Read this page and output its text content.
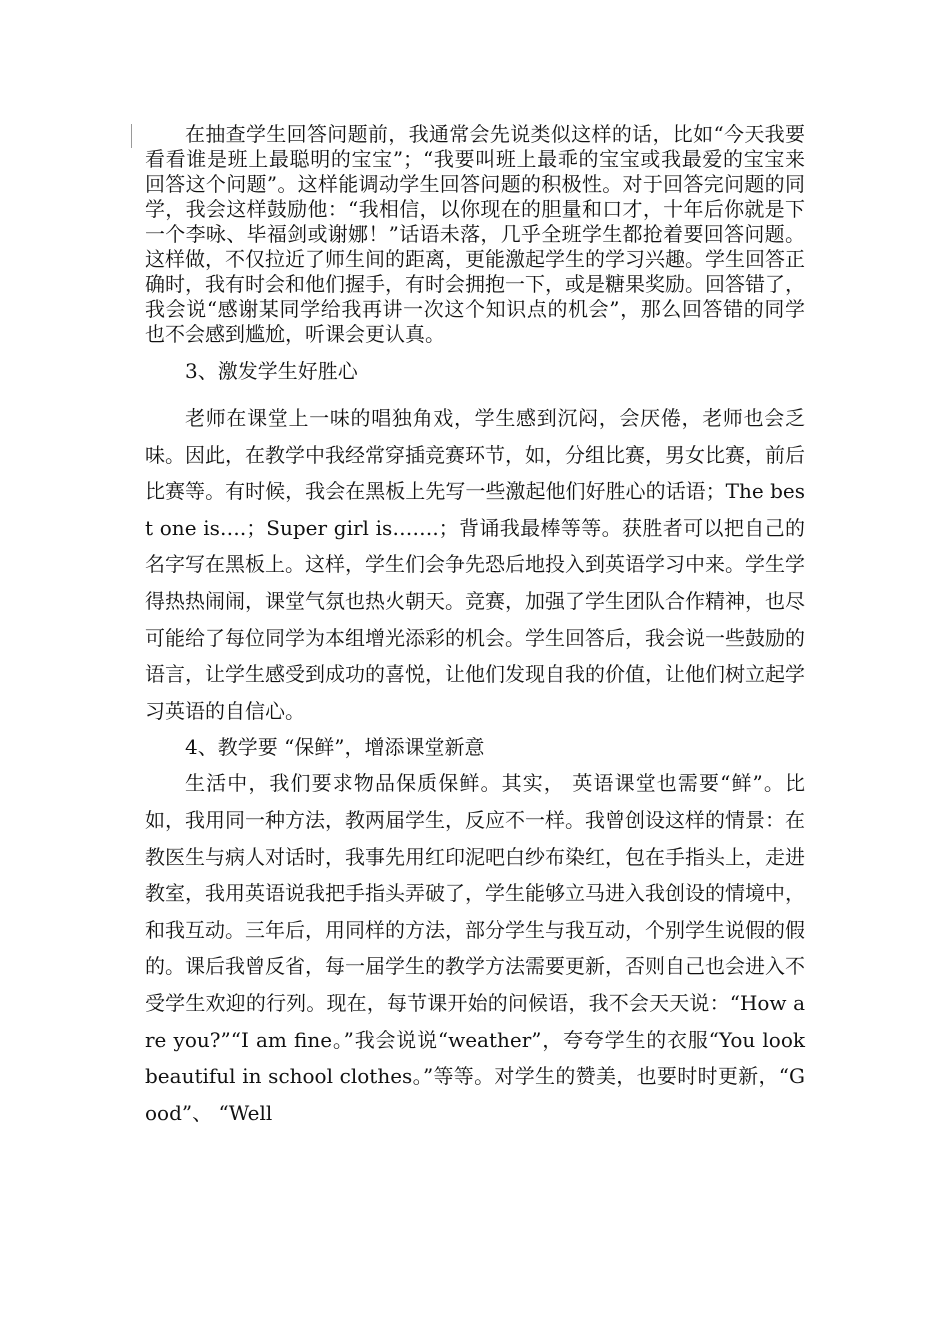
在抽查学生回答问题前，我通常会先说类似这样的话，比如“今天我要看看谁是班上最聪明的宝宝”；“我要叫班上最乖的宝宝或我最爱的宝宝来回答这个问题”。这样能调动学生回答问题的积极性。对于回答完问题的同学，我会这样鼓励他：“我相信，以你现在的胆量和口才，十年后你就是下一个李咏、毕福剑或谢娜！”话语未落，几乎全班学生都抢着要回答问题。这样做，不仅拉近了师生间的距离，更能激起学生的学习兴趣。学生回答正确时，我有时会和他们握手，有时会拥抱一下，或是糖果奖励。回答错了，我会说“感谢某同学给我再讲一次这个知识点的机会”，那么回答错的同学也不会感到尴尬，听课会更认真。

3、激发学生好胜心

老师在课堂上一味的唱独角戏，学生感到沉闷，会厌倦，老师也会乏味。因此，在教学中我经常穿插竞赛环节，如，分组比赛，男女比赛，前后比赛等。有时候，我会在黑板上先写一些激起他们好胜心的话语；The best one is….；Super girl is…….；背诵我最棒等等。获胜者可以把自己的名字写在黑板上。这样，学生们会争先恐后地投入到英语学习中来。学生学得热热闹闹，课堂气氛也热火朝天。竞赛，加强了学生团队合作精神，也尽可能给了每位同学为本组增光添彩的机会。学生回答后，我会说一些鼓励的语言，让学生感受到成功的喜悦，让他们发现自我的价值，让他们树立起学习英语的自信心。

4、教学要 “保鲜”，增添课堂新意

生活中，我们要求物品保质保鲜。其实， 英语课堂也需要“鲜”。比如，我用同一种方法，教两届学生，反应不一样。我曾创设这样的情景：在教医生与病人对话时，我事先用红印泥吧白纱布染红，包在手指头上，走进教室，我用英语说我把手指头弄破了，学生能够立马进入我创设的情境中，和我互动。三年后，用同样的方法，部分学生与我互动，个别学生说假的假的。课后我曾反省，每一届学生的教学方法需要更新，否则自己也会进入不受学生欢迎的行列。现在，每节课开始的问候语，我不会天天说：“How are you?”“I am fine。”我会说说“weather”，夸夸学生的衣服“You look beautiful in school clothes。”等等。对学生的赞美，也要时时更新，“Good”、 “Well
